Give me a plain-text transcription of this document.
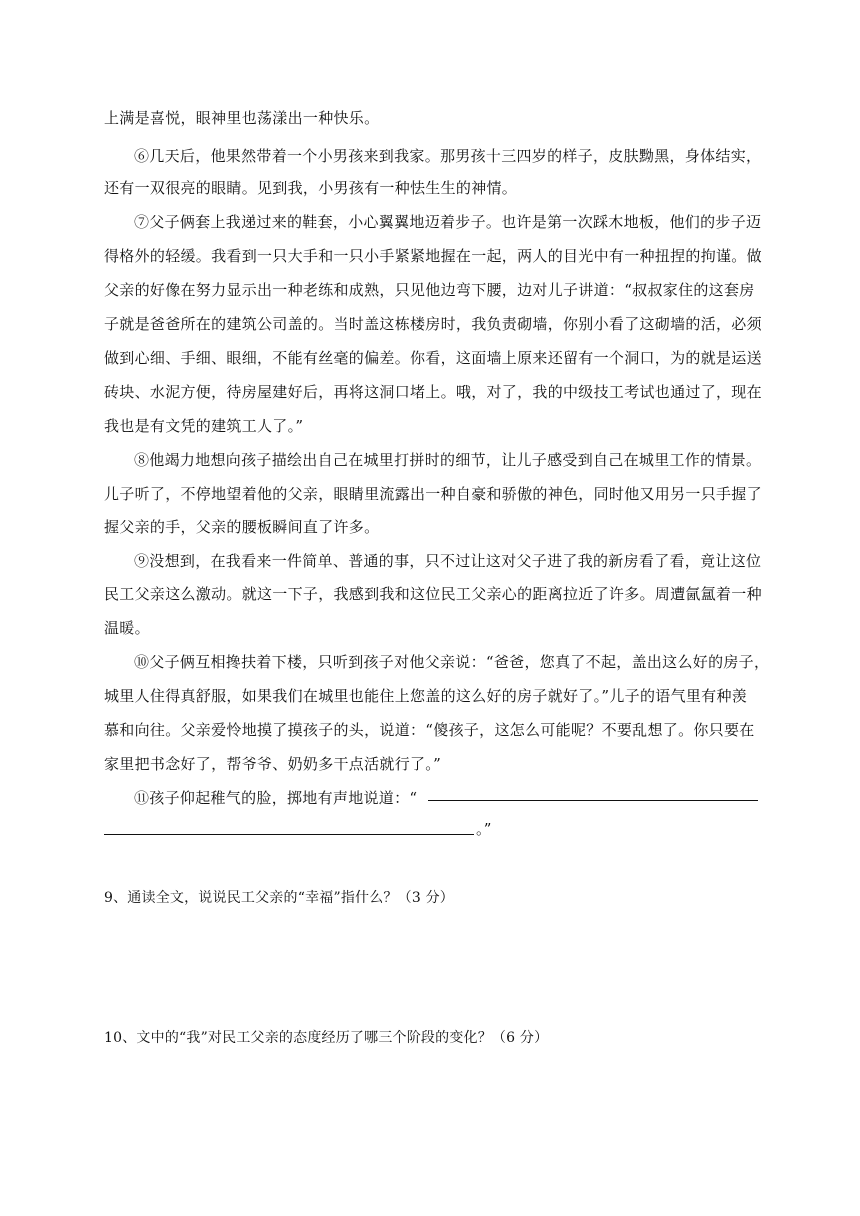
上满是喜悦，眼神里也荡漾出一种快乐。
⑥几天后，他果然带着一个小男孩来到我家。那男孩十三四岁的样子，皮肤黝黑，身体结实，
还有一双很亮的眼睛。见到我，小男孩有一种怯生生的神情。
⑦父子俩套上我递过来的鞋套，小心翼翼地迈着步子。也许是第一次踩木地板，他们的步子迈
得格外的轻缓。我看到一只大手和一只小手紧紧地握在一起，两人的目光中有一种扭捏的拘谨。做
父亲的好像在努力显示出一种老练和成熟，只见他边弯下腰，边对儿子讲道：“叔叔家住的这套房
子就是爸爸所在的建筑公司盖的。当时盖这栋楼房时，我负责砌墙，你别小看了这砌墙的活，必须
做到心细、手细、眼细，不能有丝毫的偏差。你看，这面墙上原来还留有一个洞口，为的就是运送
砖块、水泥方便，待房屋建好后，再将这洞口堵上。哦，对了，我的中级技工考试也通过了，现在
我也是有文凭的建筑工人了。”
⑧他竭力地想向孩子描绘出自己在城里打拼时的细节，让儿子感受到自己在城里工作的情景。
儿子听了，不停地望着他的父亲，眼睛里流露出一种自豪和骄傲的神色，同时他又用另一只手握了
握父亲的手，父亲的腰板瞬间直了许多。
⑨没想到，在我看来一件简单、普通的事，只不过让这对父子进了我的新房看了看，竟让这位
民工父亲这么激动。就这一下子，我感到我和这位民工父亲心的距离拉近了许多。周遭氤氲着一种
温暖。
⑩父子俩互相搀扶着下楼，只听到孩子对他父亲说：“爸爸，您真了不起，盖出这么好的房子，
城里人住得真舒服，如果我们在城里也能住上您盖的这么好的房子就好了。”儿子的语气里有种羡
慕和向往。父亲爱怜地摸了摸孩子的头，说道：“傻孩子，这怎么可能呢？不要乱想了。你只要在
家里把书念好了，帮爷爷、奶奶多干点活就行了。”
⑪孩子仰起稚气的脸，掷地有声地说道：“
。”
9、通读全文，说说民工父亲的“幸福”指什么？（3 分）
10、文中的“我”对民工父亲的态度经历了哪三个阶段的变化？（6 分）
